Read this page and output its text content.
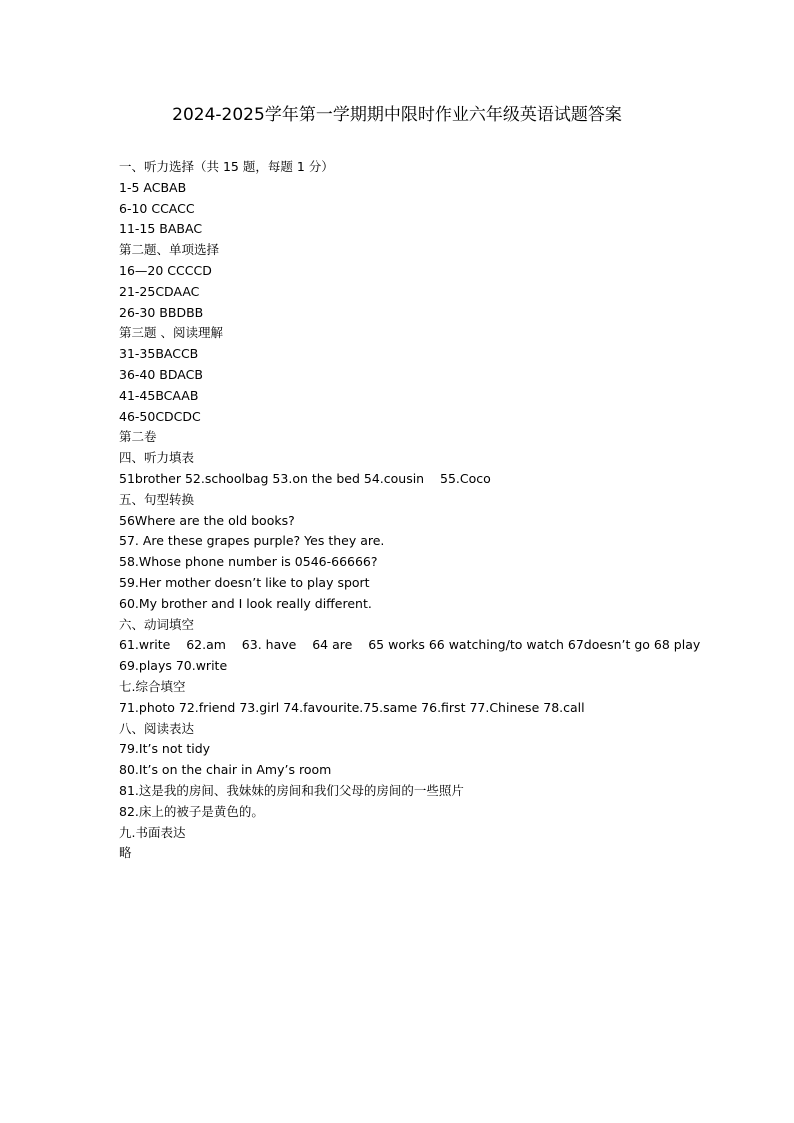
2024-2025学年第一学期期中限时作业六年级英语试题答案
一、听力选择（共 15 题，每题 1 分）
1-5 ACBAB
6-10 CCACC
11-15 BABAC
第二题、单项选择
16—20 CCCCD
21-25CDAAC
26-30 BBDBB
第三题 、阅读理解
31-35BACCB
36-40 BDACB
41-45BCAAB
46-50CDCDC
第二卷
四、听力填表
51brother 52.schoolbag 53.on the bed 54.cousin    55.Coco
五、句型转换
56Where are the old books?
57. Are these grapes purple? Yes they are.
58.Whose phone number is 0546-66666?
59.Her mother doesn’t like to play sport
60.My brother and I look really different.
六、动词填空
61.write    62.am    63. have    64 are    65 works 66 watching/to watch 67doesn’t go 68 play
69.plays 70.write
七.综合填空
71.photo 72.friend 73.girl 74.favourite.75.same 76.first 77.Chinese 78.call
八、阅读表达
79.It’s not tidy
80.It’s on the chair in Amy’s room
81.这是我的房间、我妹妹的房间和我们父母的房间的一些照片
82.床上的被子是黄色的。
九.书面表达
略
